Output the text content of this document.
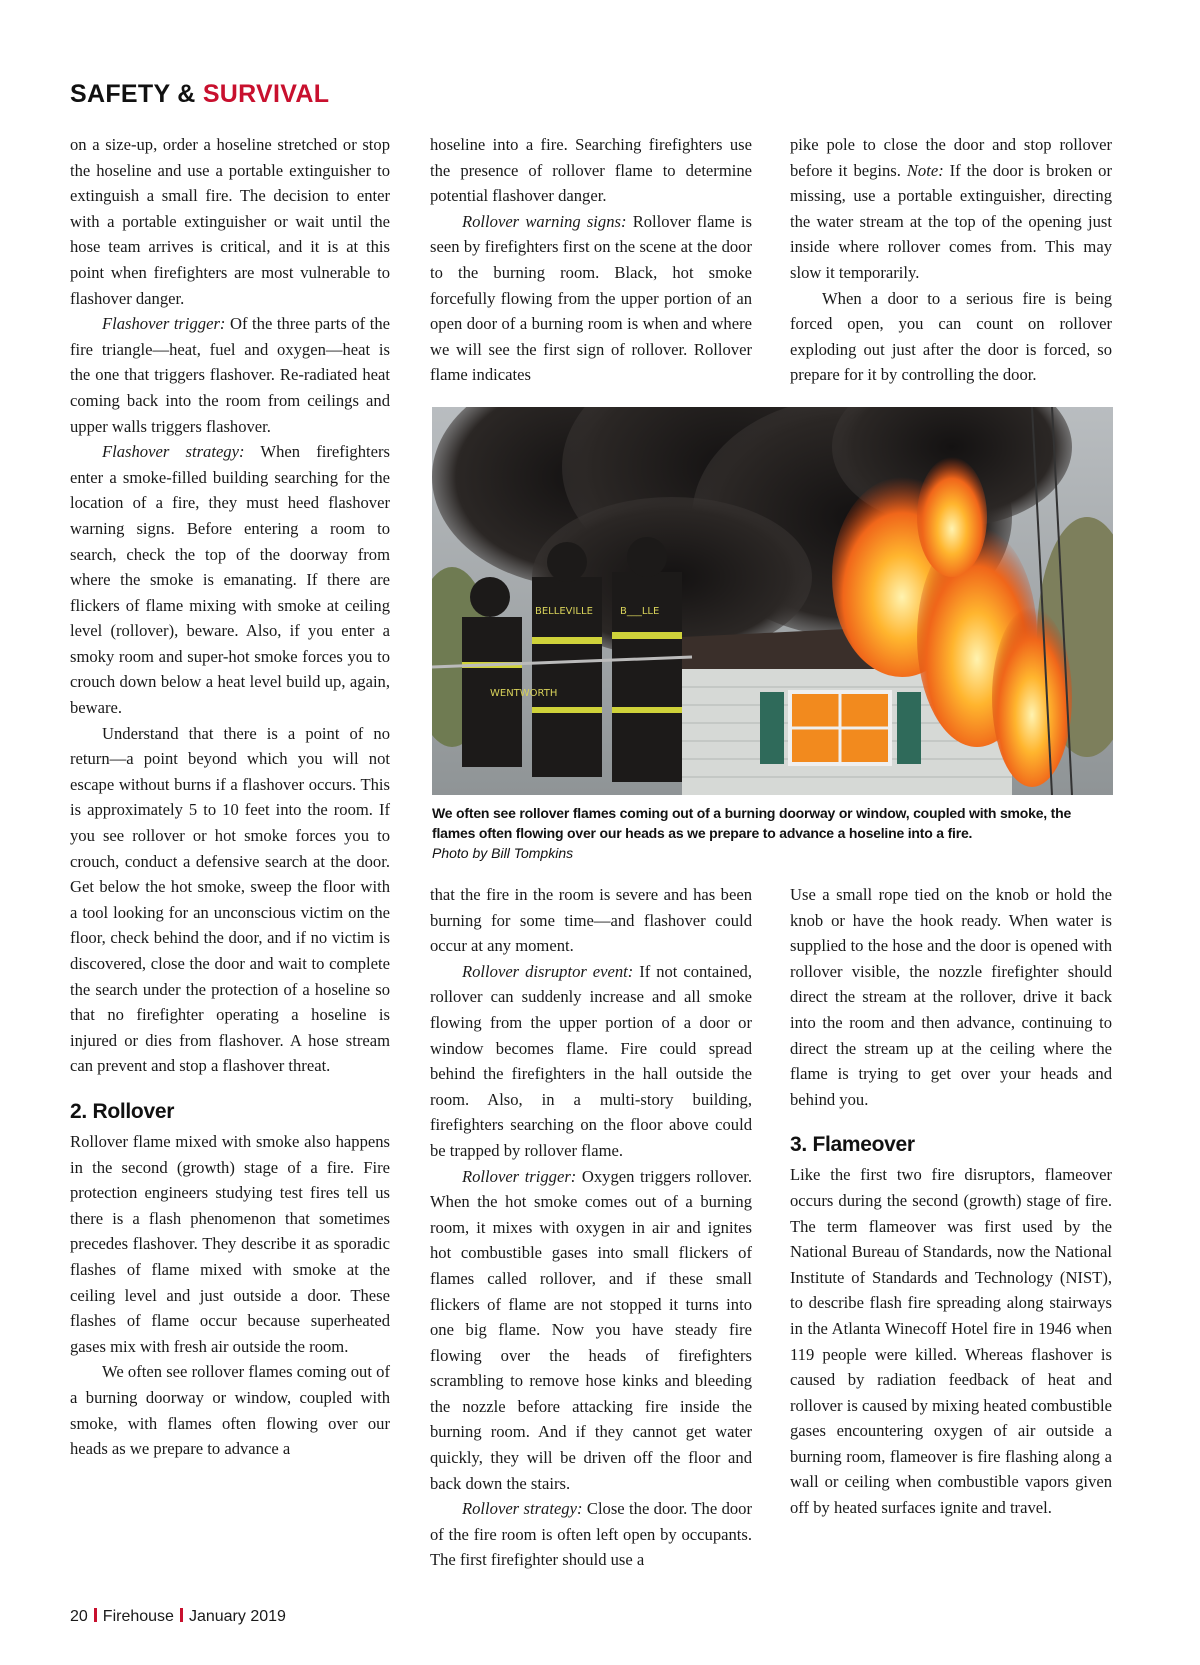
SAFETY & SURVIVAL

on a size-up, order a hoseline stretched or stop the hoseline and use a portable extinguisher to extinguish a small fire. The decision to enter with a portable extinguisher or wait until the hose team arrives is critical, and it is at this point when firefighters are most vulnerable to flashover danger.

Flashover trigger: Of the three parts of the fire triangle—heat, fuel and oxygen—heat is the one that triggers flashover. Re-radiated heat coming back into the room from ceilings and upper walls triggers flashover.

Flashover strategy: When firefighters enter a smoke-filled building searching for the location of a fire, they must heed flashover warning signs. Before entering a room to search, check the top of the doorway from where the smoke is emanating. If there are flickers of flame mixing with smoke at ceiling level (rollover), beware. Also, if you enter a smoky room and super-hot smoke forces you to crouch down below a heat level build up, again, beware.

Understand that there is a point of no return—a point beyond which you will not escape without burns if a flashover occurs. This is approximately 5 to 10 feet into the room. If you see rollover or hot smoke forces you to crouch, conduct a defensive search at the door. Get below the hot smoke, sweep the floor with a tool looking for an unconscious victim on the floor, check behind the door, and if no victim is discovered, close the door and wait to complete the search under the protection of a hoseline so that no firefighter operating a hoseline is injured or dies from flashover. A hose stream can prevent and stop a flashover threat.

2. Rollover

Rollover flame mixed with smoke also happens in the second (growth) stage of a fire. Fire protection engineers studying test fires tell us there is a flash phenomenon that sometimes precedes flashover. They describe it as sporadic flashes of flame mixed with smoke at the ceiling level and just outside a door. These flashes of flame occur because superheated gases mix with fresh air outside the room.

We often see rollover flames coming out of a burning doorway or window, coupled with smoke, with flames often flowing over our heads as we prepare to advance a

hoseline into a fire. Searching firefighters use the presence of rollover flame to determine potential flashover danger.

Rollover warning signs: Rollover flame is seen by firefighters first on the scene at the door to the burning room. Black, hot smoke forcefully flowing from the upper portion of an open door of a burning room is when and where we will see the first sign of rollover. Rollover flame indicates

pike pole to close the door and stop rollover before it begins. Note: If the door is broken or missing, use a portable extinguisher, directing the water stream at the top of the opening just inside where rollover comes from. This may slow it temporarily.

When a door to a serious fire is being forced open, you can count on rollover exploding out just after the door is forced, so prepare for it by controlling the door.

BELLEVILLE	B___LLE
WENTWORTH
We often see rollover flames coming out of a burning doorway or window, coupled with smoke, the flames often flowing over our heads as we prepare to advance a hoseline into a fire.
Photo by Bill Tompkins

that the fire in the room is severe and has been burning for some time—and flashover could occur at any moment.

Rollover disruptor event: If not contained, rollover can suddenly increase and all smoke flowing from the upper portion of a door or window becomes flame. Fire could spread behind the firefighters in the hall outside the room. Also, in a multi-story building, firefighters searching on the floor above could be trapped by rollover flame.

Rollover trigger: Oxygen triggers rollover. When the hot smoke comes out of a burning room, it mixes with oxygen in air and ignites hot combustible gases into small flickers of flames called rollover, and if these small flickers of flame are not stopped it turns into one big flame. Now you have steady fire flowing over the heads of firefighters scrambling to remove hose kinks and bleeding the nozzle before attacking fire inside the burning room. And if they cannot get water quickly, they will be driven off the floor and back down the stairs.

Rollover strategy: Close the door. The door of the fire room is often left open by occupants. The first firefighter should use a

Use a small rope tied on the knob or hold the knob or have the hook ready. When water is supplied to the hose and the door is opened with rollover visible, the nozzle firefighter should direct the stream at the rollover, drive it back into the room and then advance, continuing to direct the stream up at the ceiling where the flame is trying to get over your heads and behind you.

3. Flameover

Like the first two fire disruptors, flameover occurs during the second (growth) stage of fire. The term flameover was first used by the National Bureau of Standards, now the National Institute of Standards and Technology (NIST), to describe flash fire spreading along stairways in the Atlanta Winecoff Hotel fire in 1946 when 119 people were killed. Whereas flashover is caused by radiation feedback of heat and rollover is caused by mixing heated combustible gases encountering oxygen of air outside a burning room, flameover is fire flashing along a wall or ceiling when combustible vapors given off by heated surfaces ignite and travel.

20 Firehouse January 2019
